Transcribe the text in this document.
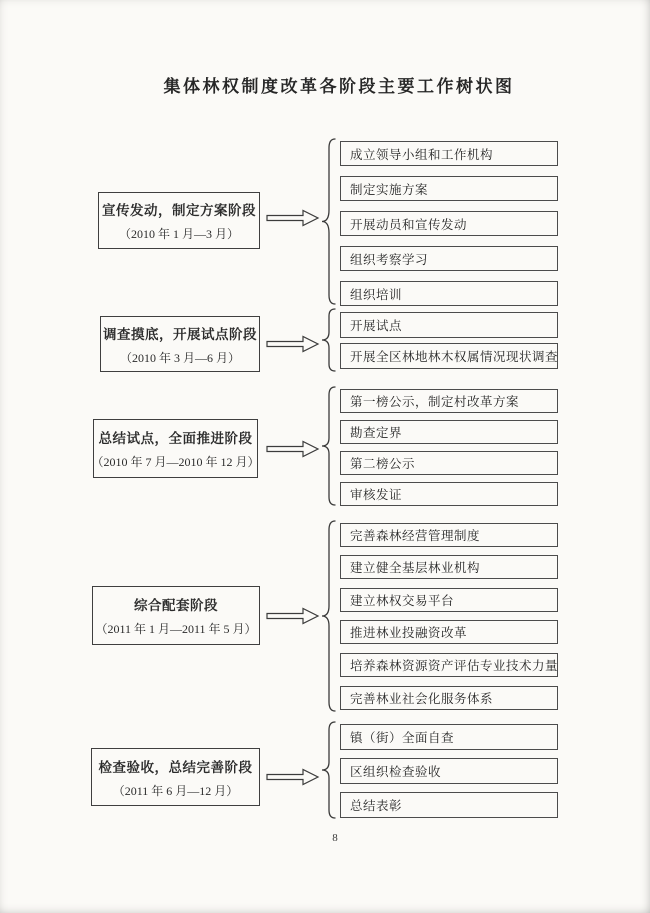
集体林权制度改革各阶段主要工作树状图
宣传发动，制定方案阶段
（2010 年 1 月—3 月）
成立领导小组和工作机构
制定实施方案
开展动员和宣传发动
组织考察学习
组织培训
调查摸底，开展试点阶段
（2010 年 3 月—6 月）
开展试点
开展全区林地林木权属情况现状调查
总结试点，全面推进阶段
（2010 年 7 月—2010 年 12 月）
第一榜公示，制定村改革方案
勘查定界
第二榜公示
审核发证
综合配套阶段
（2011 年 1 月—2011 年 5 月）
完善森林经营管理制度
建立健全基层林业机构
建立林权交易平台
推进林业投融资改革
培养森林资源资产评估专业技术力量
完善林业社会化服务体系
检查验收，总结完善阶段
（2011 年 6 月—12 月）
镇（街）全面自查
区组织检查验收
总结表彰
8
